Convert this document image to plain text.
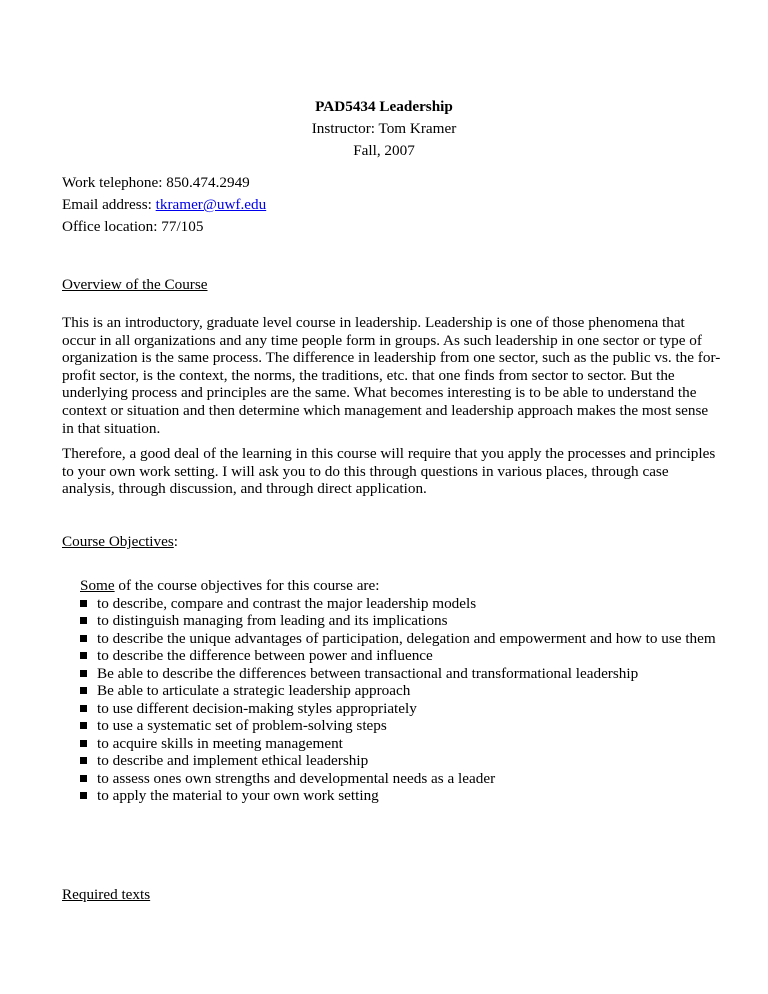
PAD5434 Leadership
Instructor: Tom Kramer
Fall, 2007
Work telephone: 850.474.2949
Email address: tkramer@uwf.edu
Office location: 77/105
Overview of the Course
This is an introductory, graduate level course in leadership. Leadership is one of those phenomena that occur in all organizations and any time people form in groups. As such leadership in one sector or type of organization is the same process. The difference in leadership from one sector, such as the public vs. the for-profit sector, is the context, the norms, the traditions, etc. that one finds from sector to sector. But the underlying process and principles are the same. What becomes interesting is to be able to understand the context or situation and then determine which management and leadership approach makes the most sense in that situation.
Therefore, a good deal of the learning in this course will require that you apply the processes and principles to your own work setting. I will ask you to do this through questions in various places, through case analysis, through discussion, and through direct application.
Course Objectives:
Some of the course objectives for this course are:
to describe, compare and contrast the major leadership models
to distinguish managing from leading and its implications
to describe the unique advantages of participation, delegation and empowerment and how to use them
to describe the difference between power and influence
Be able to describe the differences between transactional and transformational leadership
Be able to articulate a strategic leadership approach
to use different decision-making styles appropriately
to use a systematic set of problem-solving steps
to acquire skills in meeting management
to describe and implement ethical leadership
to assess ones own strengths and developmental needs as a leader
to apply the material to your own work setting
Required texts
